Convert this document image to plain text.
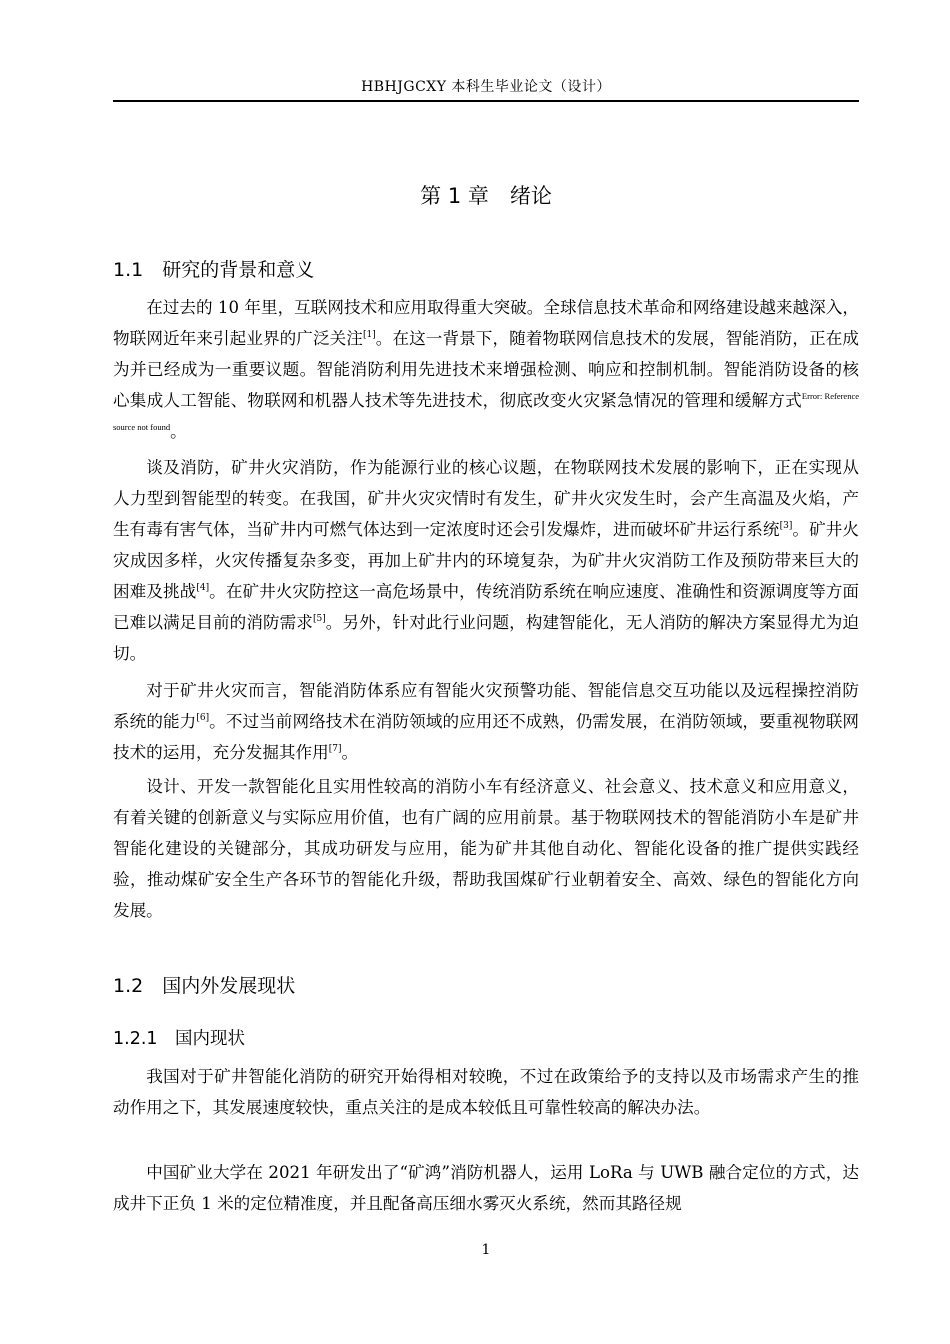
HBHJGCXY 本科生毕业论文（设计）
第 1 章　绪论
1.1　 研究的背景和意义
在过去的 10 年里，互联网技术和应用取得重大突破。全球信息技术革命和网络建设越来越深入，物联网近年来引起业界的广泛关注[1]。在这一背景下，随着物联网信息技术的发展，智能消防，正在成为并已经成为一重要议题。智能消防利用先进技术来增强检测、响应和控制机制。智能消防设备的核心集成人工智能、物联网和机器人技术等先进技术，彻底改变火灾紧急情况的管理和缓解方式$^{Error: Reference source not found}$。
谈及消防，矿井火灾消防，作为能源行业的核心议题，在物联网技术发展的影响下，正在实现从人力型到智能型的转变。在我国，矿井火灾灾情时有发生，矿井火灾发生时，会产生高温及火焰，产生有毒有害气体，当矿井内可燃气体达到一定浓度时还会引发爆炸，进而破坏矿井运行系统[3]。矿井火灾成因多样，火灾传播复杂多变，再加上矿井内的环境复杂，为矿井火灾消防工作及预防带来巨大的困难及挑战[4]。在矿井火灾防控这一高危场景中，传统消防系统在响应速度、准确性和资源调度等方面已难以满足目前的消防需求[5]。另外，针对此行业问题，构建智能化，无人消防的解决方案显得尤为迫切。
对于矿井火灾而言，智能消防体系应有智能火灾预警功能、智能信息交互功能以及远程操控消防系统的能力[6]。不过当前网络技术在消防领域的应用还不成熟，仍需发展，在消防领域，要重视物联网技术的运用，充分发掘其作用[7]。
设计、开发一款智能化且实用性较高的消防小车有经济意义、社会意义、技术意义和应用意义，有着关键的创新意义与实际应用价值，也有广阔的应用前景。基于物联网技术的智能消防小车是矿井智能化建设的关键部分，其成功研发与应用，能为矿井其他自动化、智能化设备的推广提供实践经验，推动煤矿安全生产各环节的智能化升级，帮助我国煤矿行业朝着安全、高效、绿色的智能化方向发展。
1.2　 国内外发展现状
1.2.1　 国内现状
我国对于矿井智能化消防的研究开始得相对较晚，不过在政策给予的支持以及市场需求产生的推动作用之下，其发展速度较快，重点关注的是成本较低且可靠性较高的解决办法。
中国矿业大学在 2021 年研发出了“矿鸿”消防机器人，运用 LoRa 与 UWB 融合定位的方式，达成井下正负 1 米的定位精准度，并且配备高压细水雾灭火系统，然而其路径规
1
